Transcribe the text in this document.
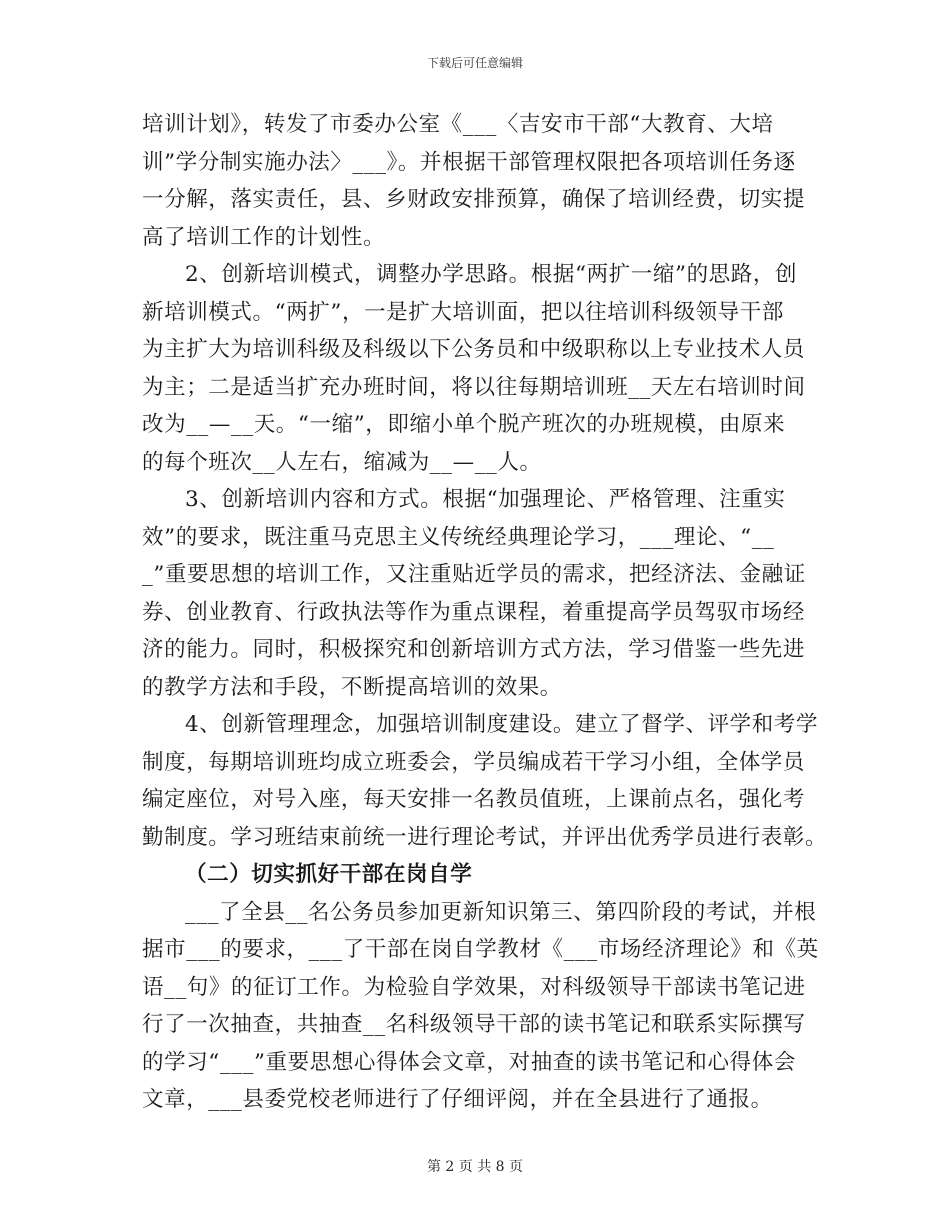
下载后可任意编辑
培训计划》，转发了市委办公室《___〈吉安市干部“大教育、大培
训”学分制实施办法〉___》。并根据干部管理权限把各项培训任务逐
一分解，落实责任，县、乡财政安排预算，确保了培训经费，切实提
高了培训工作的计划性。
2、创新培训模式，调整办学思路。根据“两扩一缩”的思路，创
新培训模式。“两扩”，一是扩大培训面，把以往培训科级领导干部
为主扩大为培训科级及科级以下公务员和中级职称以上专业技术人员
为主；二是适当扩充办班时间，将以往每期培训班__天左右培训时间
改为__—__天。“一缩”，即缩小单个脱产班次的办班规模，由原来
的每个班次__人左右，缩减为__—__人。
3、创新培训内容和方式。根据“加强理论、严格管理、注重实
效”的要求，既注重马克思主义传统经典理论学习，___理论、“__
_”重要思想的培训工作，又注重贴近学员的需求，把经济法、金融证
券、创业教育、行政执法等作为重点课程，着重提高学员驾驭市场经
济的能力。同时，积极探究和创新培训方式方法，学习借鉴一些先进
的教学方法和手段，不断提高培训的效果。
4、创新管理理念，加强培训制度建设。建立了督学、评学和考学
制度，每期培训班均成立班委会，学员编成若干学习小组，全体学员
编定座位，对号入座，每天安排一名教员值班，上课前点名，强化考
勤制度。学习班结束前统一进行理论考试，并评出优秀学员进行表彰。
（二）切实抓好干部在岗自学
___了全县__名公务员参加更新知识第三、第四阶段的考试，并根
据市___的要求，___了干部在岗自学教材《___市场经济理论》和《英
语__句》的征订工作。为检验自学效果，对科级领导干部读书笔记进
行了一次抽查，共抽查__名科级领导干部的读书笔记和联系实际撰写
的学习“___”重要思想心得体会文章，对抽查的读书笔记和心得体会
文章，___县委党校老师进行了仔细评阅，并在全县进行了通报。
第 2 页 共 8 页
